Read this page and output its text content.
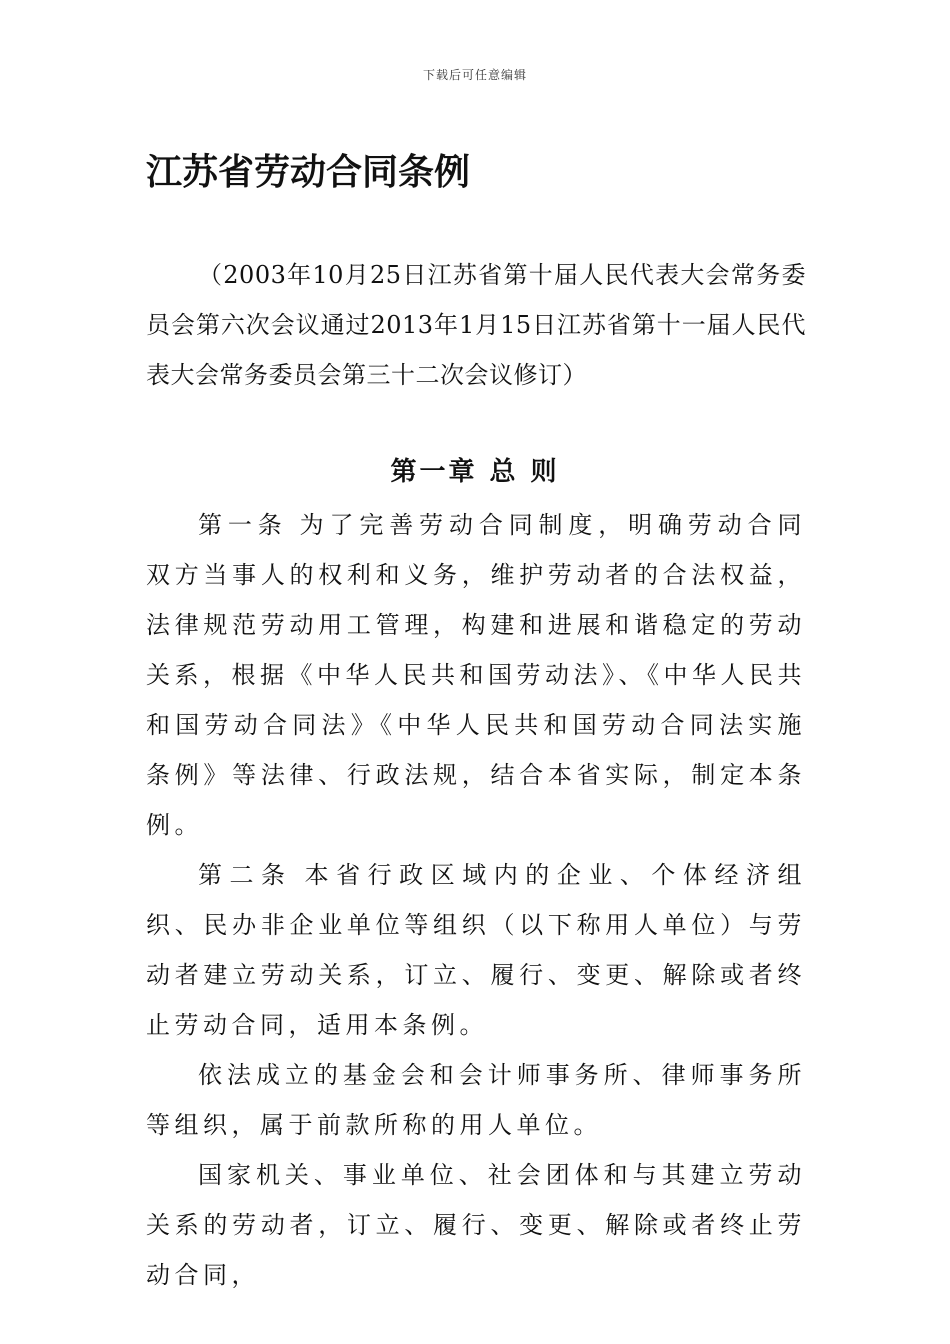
下载后可任意编辑
江苏省劳动合同条例
（2003年10月25日江苏省第十届人民代表大会常务委员会第六次会议通过2013年1月15日江苏省第十一届人民代表大会常务委员会第三十二次会议修订）
第一章 总 则

第一条 为了完善劳动合同制度，明确劳动合同双方当事人的权利和义务，维护劳动者的合法权益，法律规范劳动用工管理，构建和进展和谐稳定的劳动关系，根据《中华人民共和国劳动法》、《中华人民共和国劳动合同法》《中华人民共和国劳动合同法实施条例》等法律、行政法规，结合本省实际，制定本条例。

第二条 本省行政区域内的企业、个体经济组织、民办非企业单位等组织（以下称用人单位）与劳动者建立劳动关系，订立、履行、变更、解除或者终止劳动合同，适用本条例。

依法成立的基金会和会计师事务所、律师事务所等组织，属于前款所称的用人单位。

国家机关、事业单位、社会团体和与其建立劳动关系的劳动者，订立、履行、变更、解除或者终止劳动合同，
